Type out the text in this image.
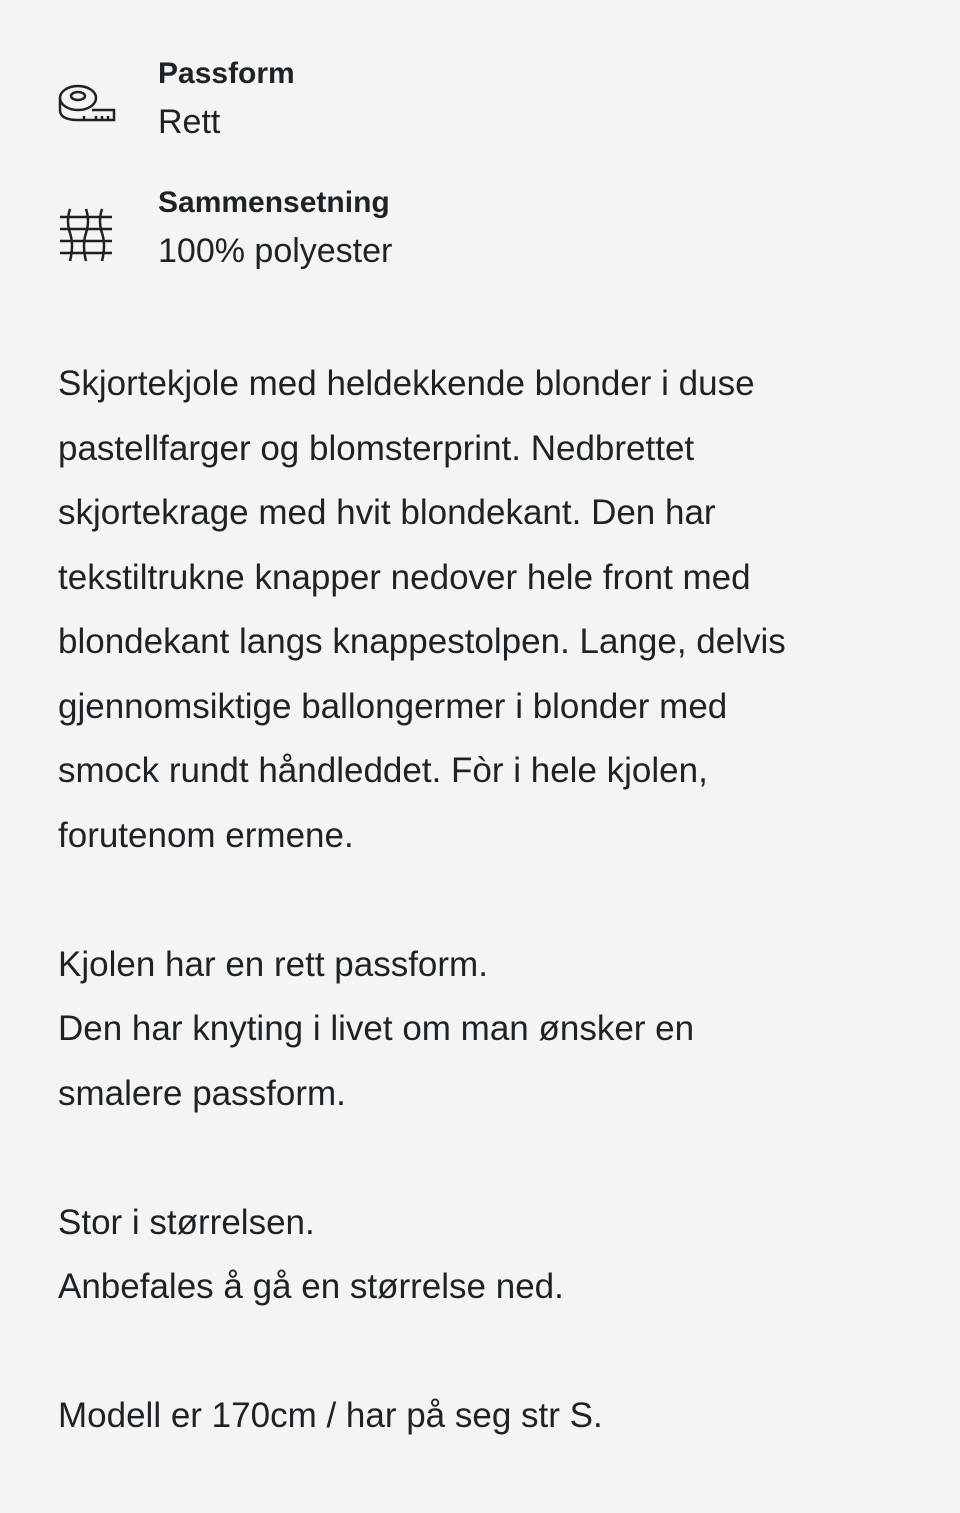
Passform
Rett
Sammensetning
100% polyester
Skjortekjole med heldekkende blonder i duse
pastellfarger og blomsterprint. Nedbrettet
skjortekrage med hvit blondekant. Den har
tekstiltrukne knapper nedover hele front med
blondekant langs knappestolpen. Lange, delvis
gjennomsiktige ballongermer i blonder med
smock rundt håndleddet. Fòr i hele kjolen,
forutenom ermene.
Kjolen har en rett passform.
Den har knyting i livet om man ønsker en
smalere passform.
Stor i størrelsen.
Anbefales å gå en størrelse ned.
Modell er 170cm / har på seg str S.
